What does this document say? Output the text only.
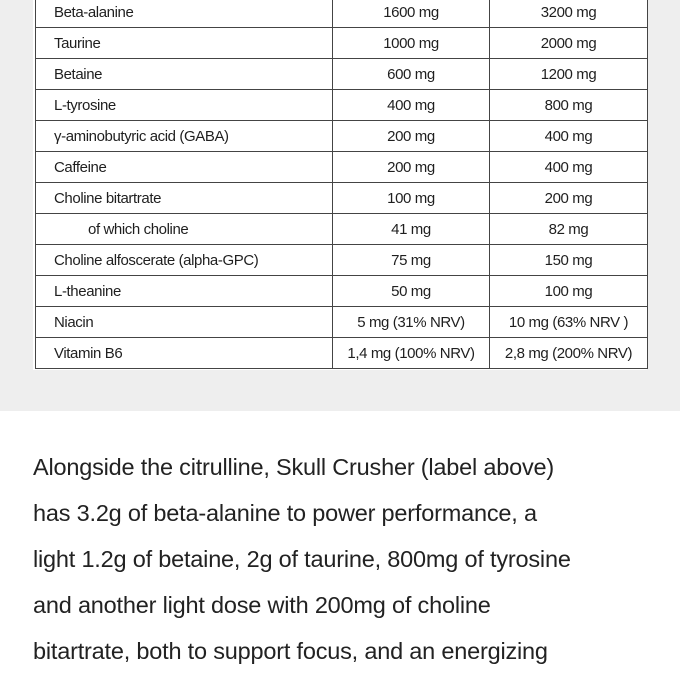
Beta-alanine	1600 mg	3200 mg
Taurine	1000 mg	2000 mg
Betaine	600 mg	1200 mg
L-tyrosine	400 mg	800 mg
γ-aminobutyric acid (GABA)	200 mg	400 mg
Caffeine	200 mg	400 mg
Choline bitartrate	100 mg	200 mg
of which choline	41 mg	82 mg
Choline alfoscerate (alpha-GPC)	75 mg	150 mg
L-theanine	50 mg	100 mg
Niacin	5 mg (31% NRV)	10 mg (63% NRV )
Vitamin B6	1,4 mg (100% NRV)	2,8 mg (200% NRV)
Alongside the citrulline, Skull Crusher (label above)
has 3.2g of beta-alanine to power performance, a
light 1.2g of betaine, 2g of taurine, 800mg of tyrosine
and another light dose with 200mg of choline
bitartrate, both to support focus, and an energizing
